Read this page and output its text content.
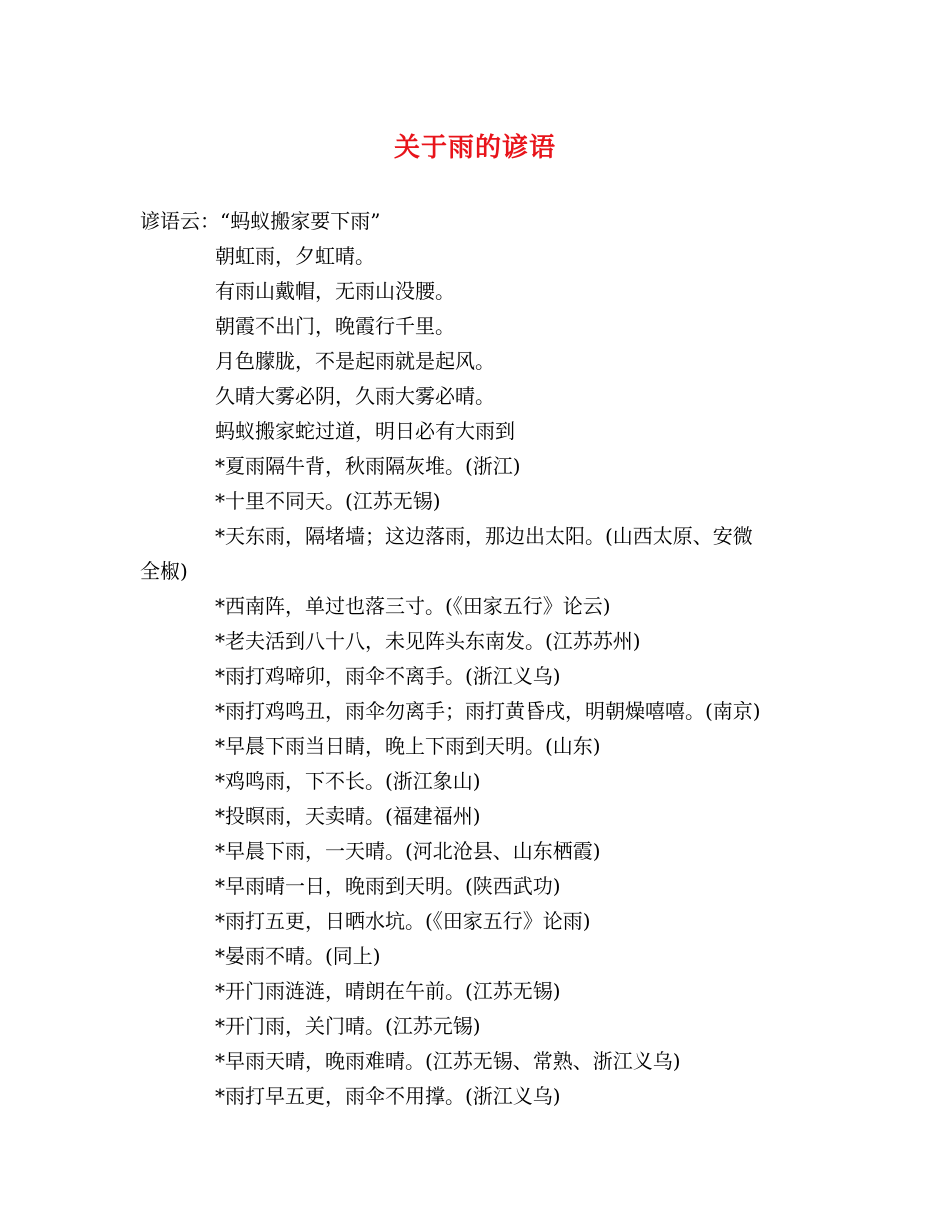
关于雨的谚语

谚语云：“蚂蚁搬家要下雨”

朝虹雨，夕虹晴。

有雨山戴帽，无雨山没腰。

朝霞不出门，晚霞行千里。

月色朦胧，不是起雨就是起风。

久晴大雾必阴，久雨大雾必晴。

蚂蚁搬家蛇过道，明日必有大雨到

*夏雨隔牛背，秋雨隔灰堆。(浙江)

*十里不同天。(江苏无锡)

*天东雨，隔堵墙；这边落雨，那边出太阳。(山西太原、安微

全椒)

*西南阵，单过也落三寸。(《田家五行》论云)

*老夫活到八十八，未见阵头东南发。(江苏苏州)

*雨打鸡啼卯，雨伞不离手。(浙江义乌)

*雨打鸡鸣丑，雨伞勿离手；雨打黄昏戌，明朝燥嘻嘻。(南京)

*早晨下雨当日睛，晚上下雨到天明。(山东)

*鸡鸣雨，下不长。(浙江象山)

*投暝雨，天卖晴。(福建福州)

*早晨下雨，一天晴。(河北沧县、山东栖霞)

*早雨晴一日，晚雨到天明。(陕西武功)

*雨打五更，日晒水坑。(《田家五行》论雨)

*晏雨不晴。(同上)

*开门雨涟涟，晴朗在午前。(江苏无锡)

*开门雨，关门晴。(江苏元锡)

*早雨天晴，晚雨难晴。(江苏无锡、常熟、浙江义乌)

*雨打早五更，雨伞不用撑。(浙江义乌)
